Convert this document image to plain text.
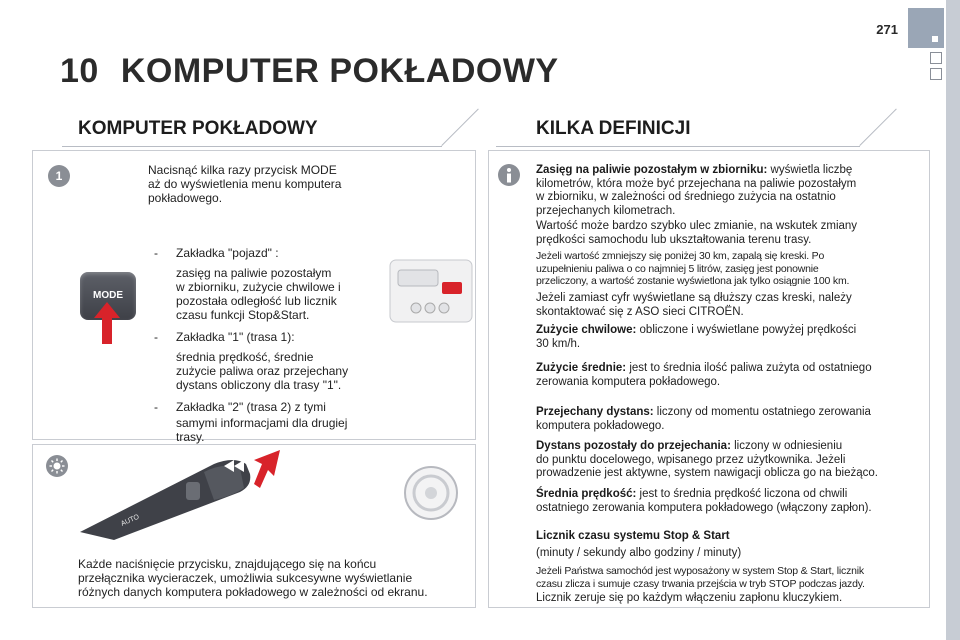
271
10 KOMPUTER POKŁADOWY
KOMPUTER POKŁADOWY
1	Nacisnąć kilka razy przycisk MODE

aż do wyświetlenia menu komputera

pokładowego.

MODE
- Zakładka "pojazd" :
zasięg na paliwie pozostałym
w zbiorniku, zużycie chwilowe i
pozostała odległość lub licznik
czasu funkcji Stop&Start.
- Zakładka "1" (trasa 1):
średnia prędkość, średnie
zużycie paliwa oraz przejechany
dystans obliczony dla trasy "1".
- Zakładka "2" (trasa 2) z tymi
samymi informacjami dla drugiej
trasy.
AUTO
Każde naciśnięcie przycisku, znajdującego się na końcu
przełącznika wycieraczek, umożliwia sukcesywne wyświetlanie
różnych danych komputera pokładowego w zależności od ekranu.
KILKA DEFINICJI
Zasięg na paliwie pozostałym w zbiorniku: wyświetla liczbę
kilometrów, która może być przejechana na paliwie pozostałym
w zbiorniku, w zależności od średniego zużycia na ostatnio
przejechanych kilometrach.
Wartość może bardzo szybko ulec zmianie, na wskutek zmiany
prędkości samochodu lub ukształtowania terenu trasy.
Jeżeli wartość zmniejszy się poniżej 30 km, zapalą się kreski. Po
uzupełnieniu paliwa o co najmniej 5 litrów, zasięg jest ponownie
przeliczony, a wartość zostanie wyświetlona jak tylko osiągnie 100 km.
Jeżeli zamiast cyfr wyświetlane są dłuższy czas kreski, należy
skontaktować się z ASO sieci CITROËN.
Zużycie chwilowe: obliczone i wyświetlane powyżej prędkości
30 km/h.
Zużycie średnie: jest to średnia ilość paliwa zużyta od ostatniego
zerowania komputera pokładowego.
Przejechany dystans: liczony od momentu ostatniego zerowania
komputera pokładowego.
Dystans pozostały do przejechania: liczony w odniesieniu
do punktu docelowego, wpisanego przez użytkownika. Jeżeli
prowadzenie jest aktywne, system nawigacji oblicza go na bieżąco.
Średnia prędkość: jest to średnia prędkość liczona od chwili
ostatniego zerowania komputera pokładowego (włączony zapłon).
Licznik czasu systemu Stop & Start
(minuty / sekundy albo godziny / minuty)
Jeżeli Państwa samochód jest wyposażony w system Stop & Start, licznik
czasu zlicza i sumuje czasy trwania przejścia w tryb STOP podczas jazdy.
Licznik zeruje się po każdym włączeniu zapłonu kluczykiem.
